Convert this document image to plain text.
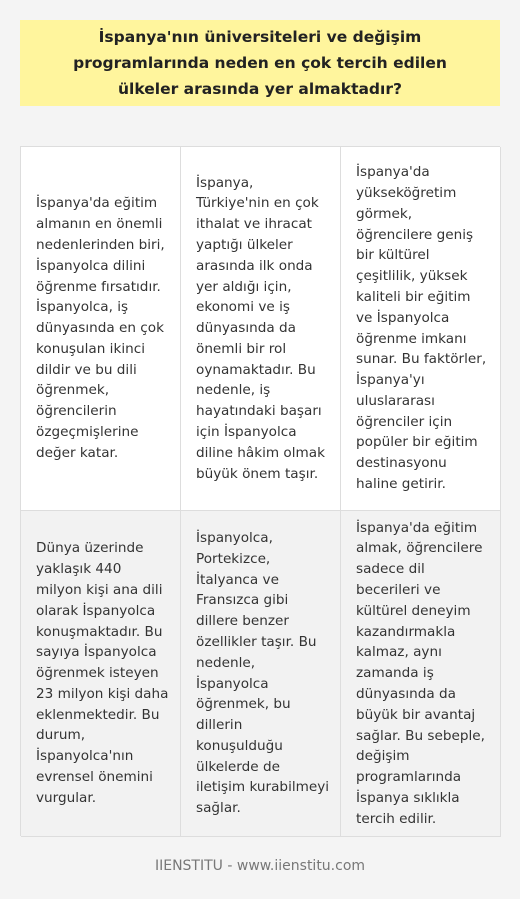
İspanya'nın üniversiteleri ve değişim programlarında neden en çok tercih edilen ülkeler arasında yer almaktadır?

İspanya'da eğitim almanın en önemli nedenlerinden biri, İspanyolca dilini öğrenme fırsatıdır. İspanyolca, iş dünyasında en çok konuşulan ikinci dildir ve bu dili öğrenmek, öğrencilerin özgeçmişlerine değer katar.

İspanya, Türkiye'nin en çok ithalat ve ihracat yaptığı ülkeler arasında ilk onda yer aldığı için, ekonomi ve iş dünyasında da önemli bir rol oynamaktadır. Bu nedenle, iş hayatındaki başarı için İspanyolca diline hâkim olmak büyük önem taşır.

İspanya'da yükseköğretim görmek, öğrencilere geniş bir kültürel çeşitlilik, yüksek kaliteli bir eğitim ve İspanyolca öğrenme imkanı sunar. Bu faktörler, İspanya'yı uluslararası öğrenciler için popüler bir eğitim destinasyonu haline getirir.

Dünya üzerinde yaklaşık 440 milyon kişi ana dili olarak İspanyolca konuşmaktadır. Bu sayıya İspanyolca öğrenmek isteyen 23 milyon kişi daha eklenmektedir. Bu durum, İspanyolca'nın evrensel önemini vurgular.

İspanyolca, Portekizce, İtalyanca ve Fransızca gibi dillere benzer özellikler taşır. Bu nedenle, İspanyolca öğrenmek, bu dillerin konuşulduğu ülkelerde de iletişim kurabilmeyi sağlar.

İspanya'da eğitim almak, öğrencilere sadece dil becerileri ve kültürel deneyim kazandırmakla kalmaz, aynı zamanda iş dünyasında da büyük bir avantaj sağlar. Bu sebeple, değişim programlarında İspanya sıklıkla tercih edilir.

IIENSTITU - www.iienstitu.com
